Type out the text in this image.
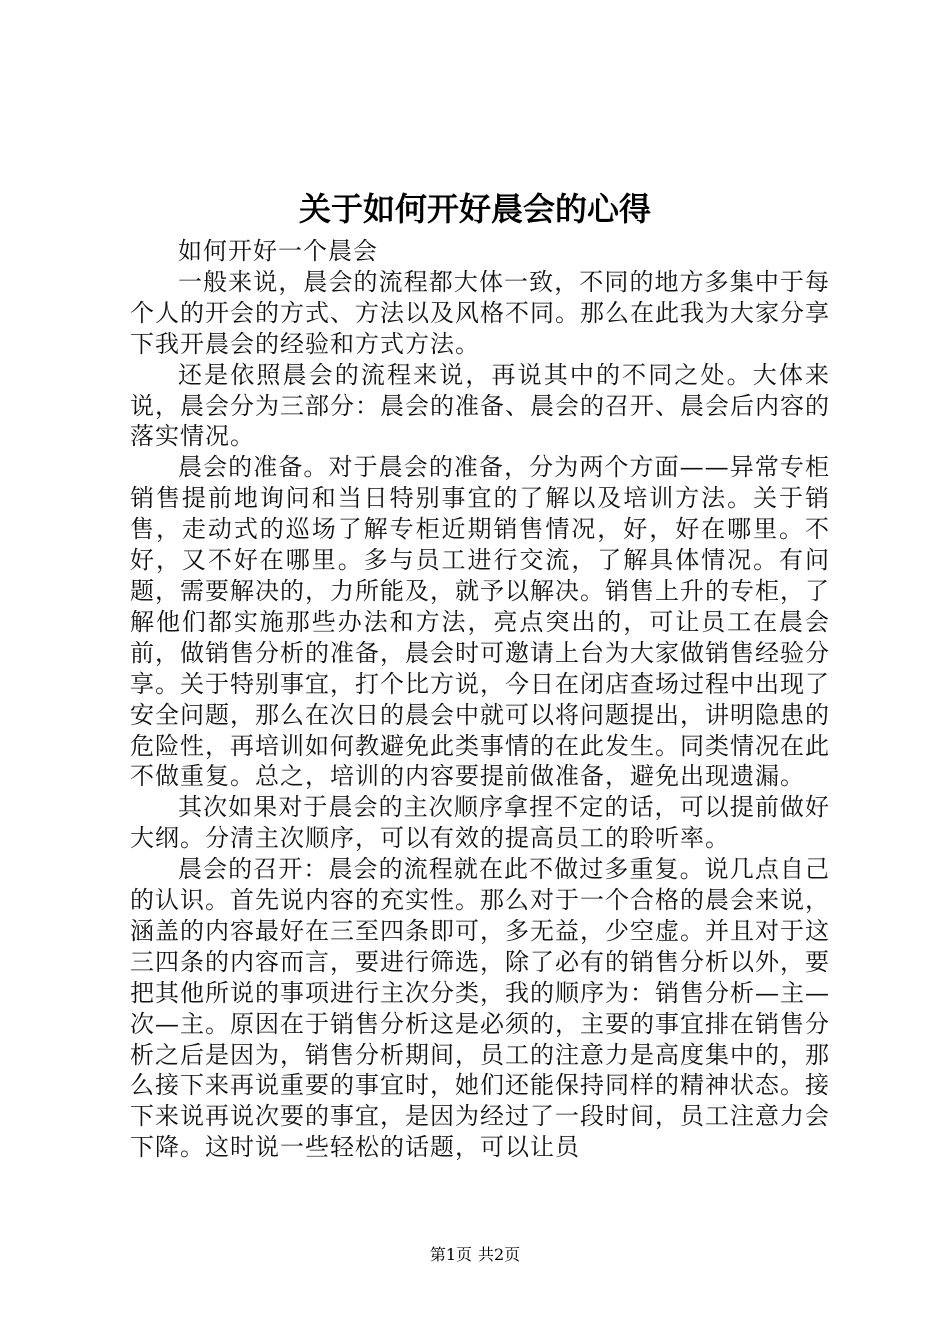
关于如何开好晨会的心得

如何开好一个晨会

一般来说，晨会的流程都大体一致，不同的地方多集中于每个人的开会的方式、方法以及风格不同。那么在此我为大家分享下我开晨会的经验和方式方法。

还是依照晨会的流程来说，再说其中的不同之处。大体来说，晨会分为三部分：晨会的准备、晨会的召开、晨会后内容的落实情况。

晨会的准备。对于晨会的准备，分为两个方面——异常专柜销售提前地询问和当日特别事宜的了解以及培训方法。关于销售，走动式的巡场了解专柜近期销售情况，好，好在哪里。不好，又不好在哪里。多与员工进行交流，了解具体情况。有问题，需要解决的，力所能及，就予以解决。销售上升的专柜，了解他们都实施那些办法和方法，亮点突出的，可让员工在晨会前，做销售分析的准备，晨会时可邀请上台为大家做销售经验分享。关于特别事宜，打个比方说，今日在闭店查场过程中出现了安全问题，那么在次日的晨会中就可以将问题提出，讲明隐患的危险性，再培训如何教避免此类事情的在此发生。同类情况在此不做重复。总之，培训的内容要提前做准备，避免出现遗漏。

其次如果对于晨会的主次顺序拿捏不定的话，可以提前做好大纲。分清主次顺序，可以有效的提高员工的聆听率。

晨会的召开：晨会的流程就在此不做过多重复。说几点自己的认识。首先说内容的充实性。那么对于一个合格的晨会来说，涵盖的内容最好在三至四条即可，多无益，少空虚。并且对于这三四条的内容而言，要进行筛选，除了必有的销售分析以外，要把其他所说的事项进行主次分类，我的顺序为：销售分析—主—次—主。原因在于销售分析这是必须的，主要的事宜排在销售分析之后是因为，销售分析期间，员工的注意力是高度集中的，那么接下来再说重要的事宜时，她们还能保持同样的精神状态。接下来说再说次要的事宜，是因为经过了一段时间，员工注意力会下降。这时说一些轻松的话题，可以让员

第1页 共2页
